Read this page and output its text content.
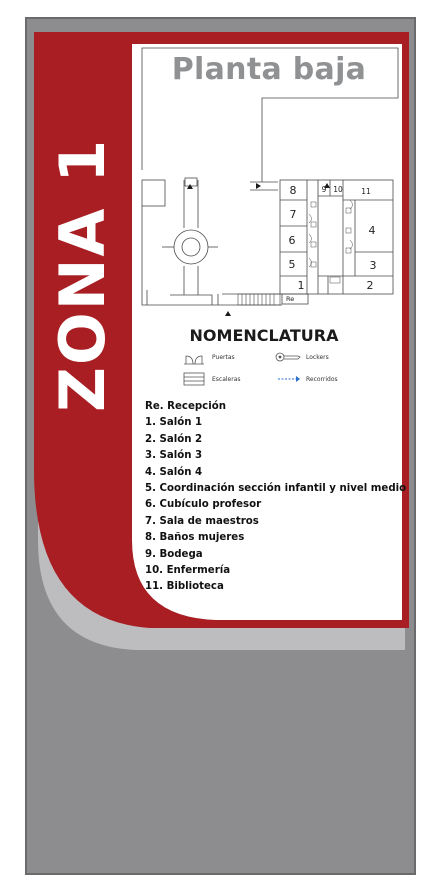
8	9 10 11
7
4
6
5	3
1	2
Re
Planta baja
ZONA 1	NOMENCLATURA
Puertas	Lockers
Escaleras	Recorridos
Re. Recepción
1. Salón 1
2. Salón 2
3. Salón 3
4. Salón 4
5. Coordinación sección infantil y nivel medio
6. Cubículo profesor
7. Sala de maestros
8. Baños mujeres
9. Bodega
10. Enfermería
11. Biblioteca
